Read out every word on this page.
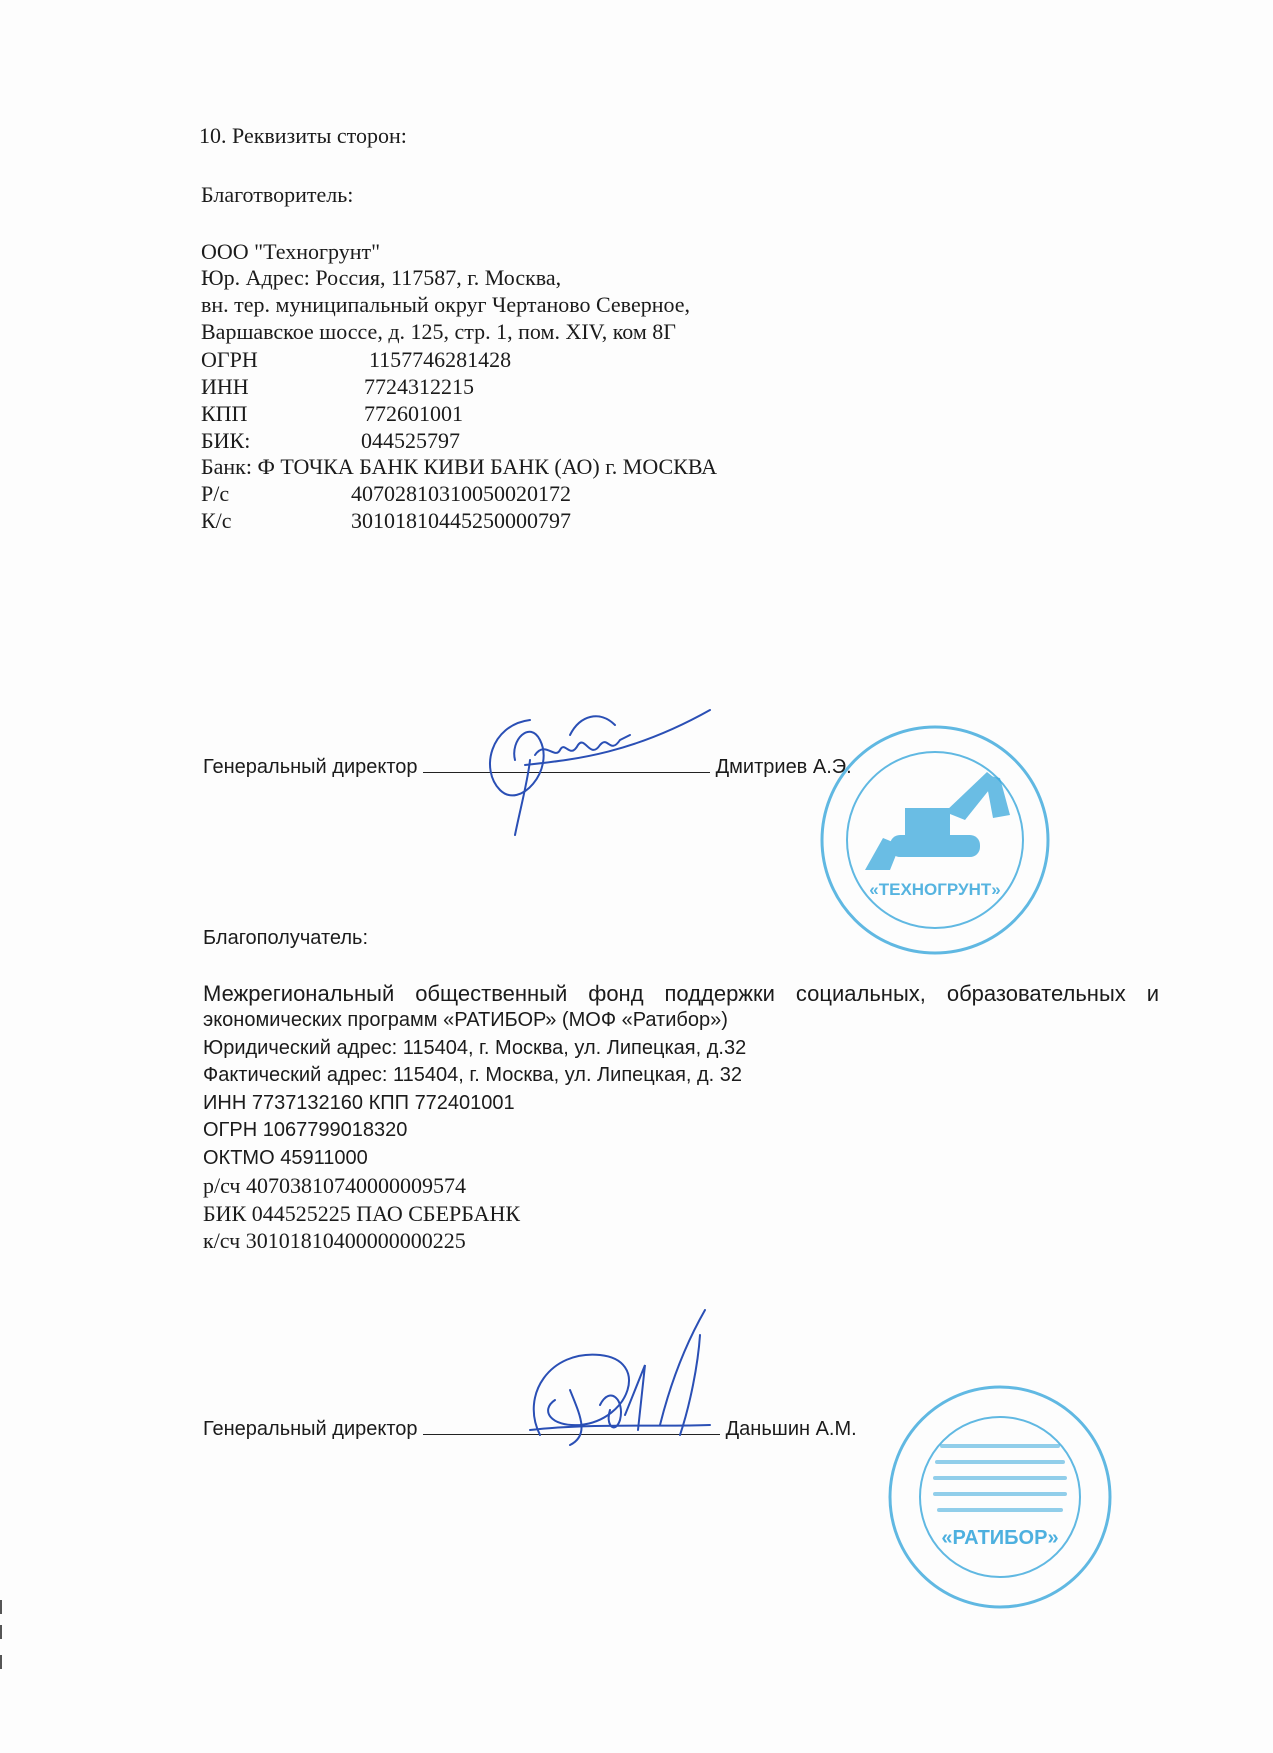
10. Реквизиты сторон:
Благотворитель:
ООО "Техногрунт"
Юр. Адрес: Россия, 117587, г. Москва,
вн. тер. муниципальный округ Чертаново Северное,
Варшавское шоссе, д. 125, стр. 1, пом. XIV, ком 8Г
ОГРН	1157746281428
ИНН	7724312215
КПП	772601001
БИК:	044525797
Банк: Ф ТОЧКА БАНК КИВИ БАНК (АО) г. МОСКВА
Р/с	40702810310050020172
К/с	30101810445250000797
Генеральный директор	Дмитриев А.Э.
«ТЕХНОГРУНТ»
Благополучатель:
Межрегиональный общественный фонд поддержки социальных, образовательных и
экономических программ «РАТИБОР» (МОФ «Ратибор»)
Юридический адрес: 115404, г. Москва, ул. Липецкая, д.32
Фактический адрес: 115404, г. Москва, ул. Липецкая, д. 32
ИНН 7737132160 КПП 772401001
ОГРН 1067799018320
ОКТМО 45911000
р/сч 40703810740000009574
БИК 044525225 ПАО СБЕРБАНК
к/сч 30101810400000000225
Генеральный директор	Даньшин А.М.
«РАТИБОР»
